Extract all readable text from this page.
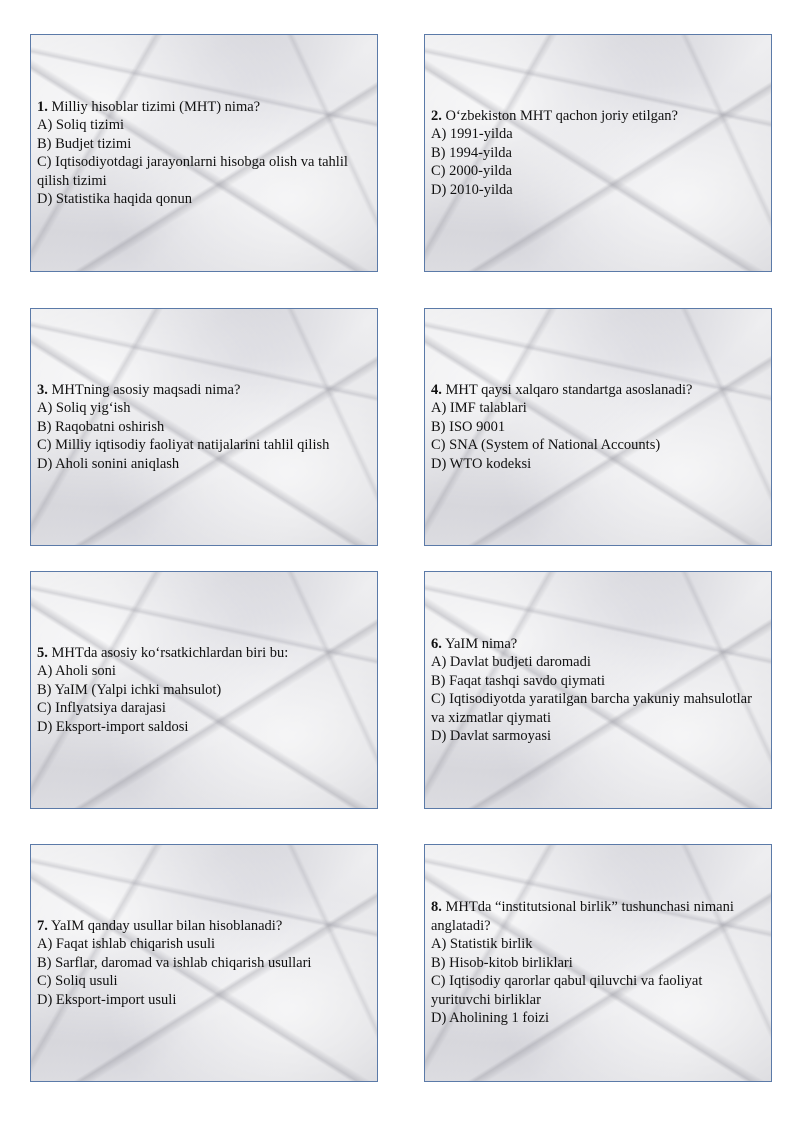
1. Milliy hisoblar tizimi (MHT) nima?
A) Soliq tizimi
B) Budjet tizimi
C) Iqtisodiyotdagi jarayonlarni hisobga olish va tahlil qilish tizimi
D) Statistika haqida qonun
2. O‘zbekiston MHT qachon joriy etilgan?
A) 1991-yilda
B) 1994-yilda
C) 2000-yilda
D) 2010-yilda
3. MHTning asosiy maqsadi nima?
A) Soliq yig‘ish
B) Raqobatni oshirish
C) Milliy iqtisodiy faoliyat natijalarini tahlil qilish
D) Aholi sonini aniqlash
4. MHT qaysi xalqaro standartga asoslanadi?
A) IMF talablari
B) ISO 9001
C) SNA (System of National Accounts)
D) WTO kodeksi
5. MHTda asosiy ko‘rsatkichlardan biri bu:
A) Aholi soni
B) YaIM (Yalpi ichki mahsulot)
C) Inflyatsiya darajasi
D) Eksport-import saldosi
6. YaIM nima?
A) Davlat budjeti daromadi
B) Faqat tashqi savdo qiymati
C) Iqtisodiyotda yaratilgan barcha yakuniy mahsulotlar va xizmatlar qiymati
D) Davlat sarmoyasi
7. YaIM qanday usullar bilan hisoblanadi?
A) Faqat ishlab chiqarish usuli
B) Sarflar, daromad va ishlab chiqarish usullari
C) Soliq usuli
D) Eksport-import usuli
8. MHTda “institutsional birlik” tushunchasi nimani anglatadi?
A) Statistik birlik
B) Hisob-kitob birliklari
C) Iqtisodiy qarorlar qabul qiluvchi va faoliyat yurituvchi birliklar
D) Aholining 1 foizi
